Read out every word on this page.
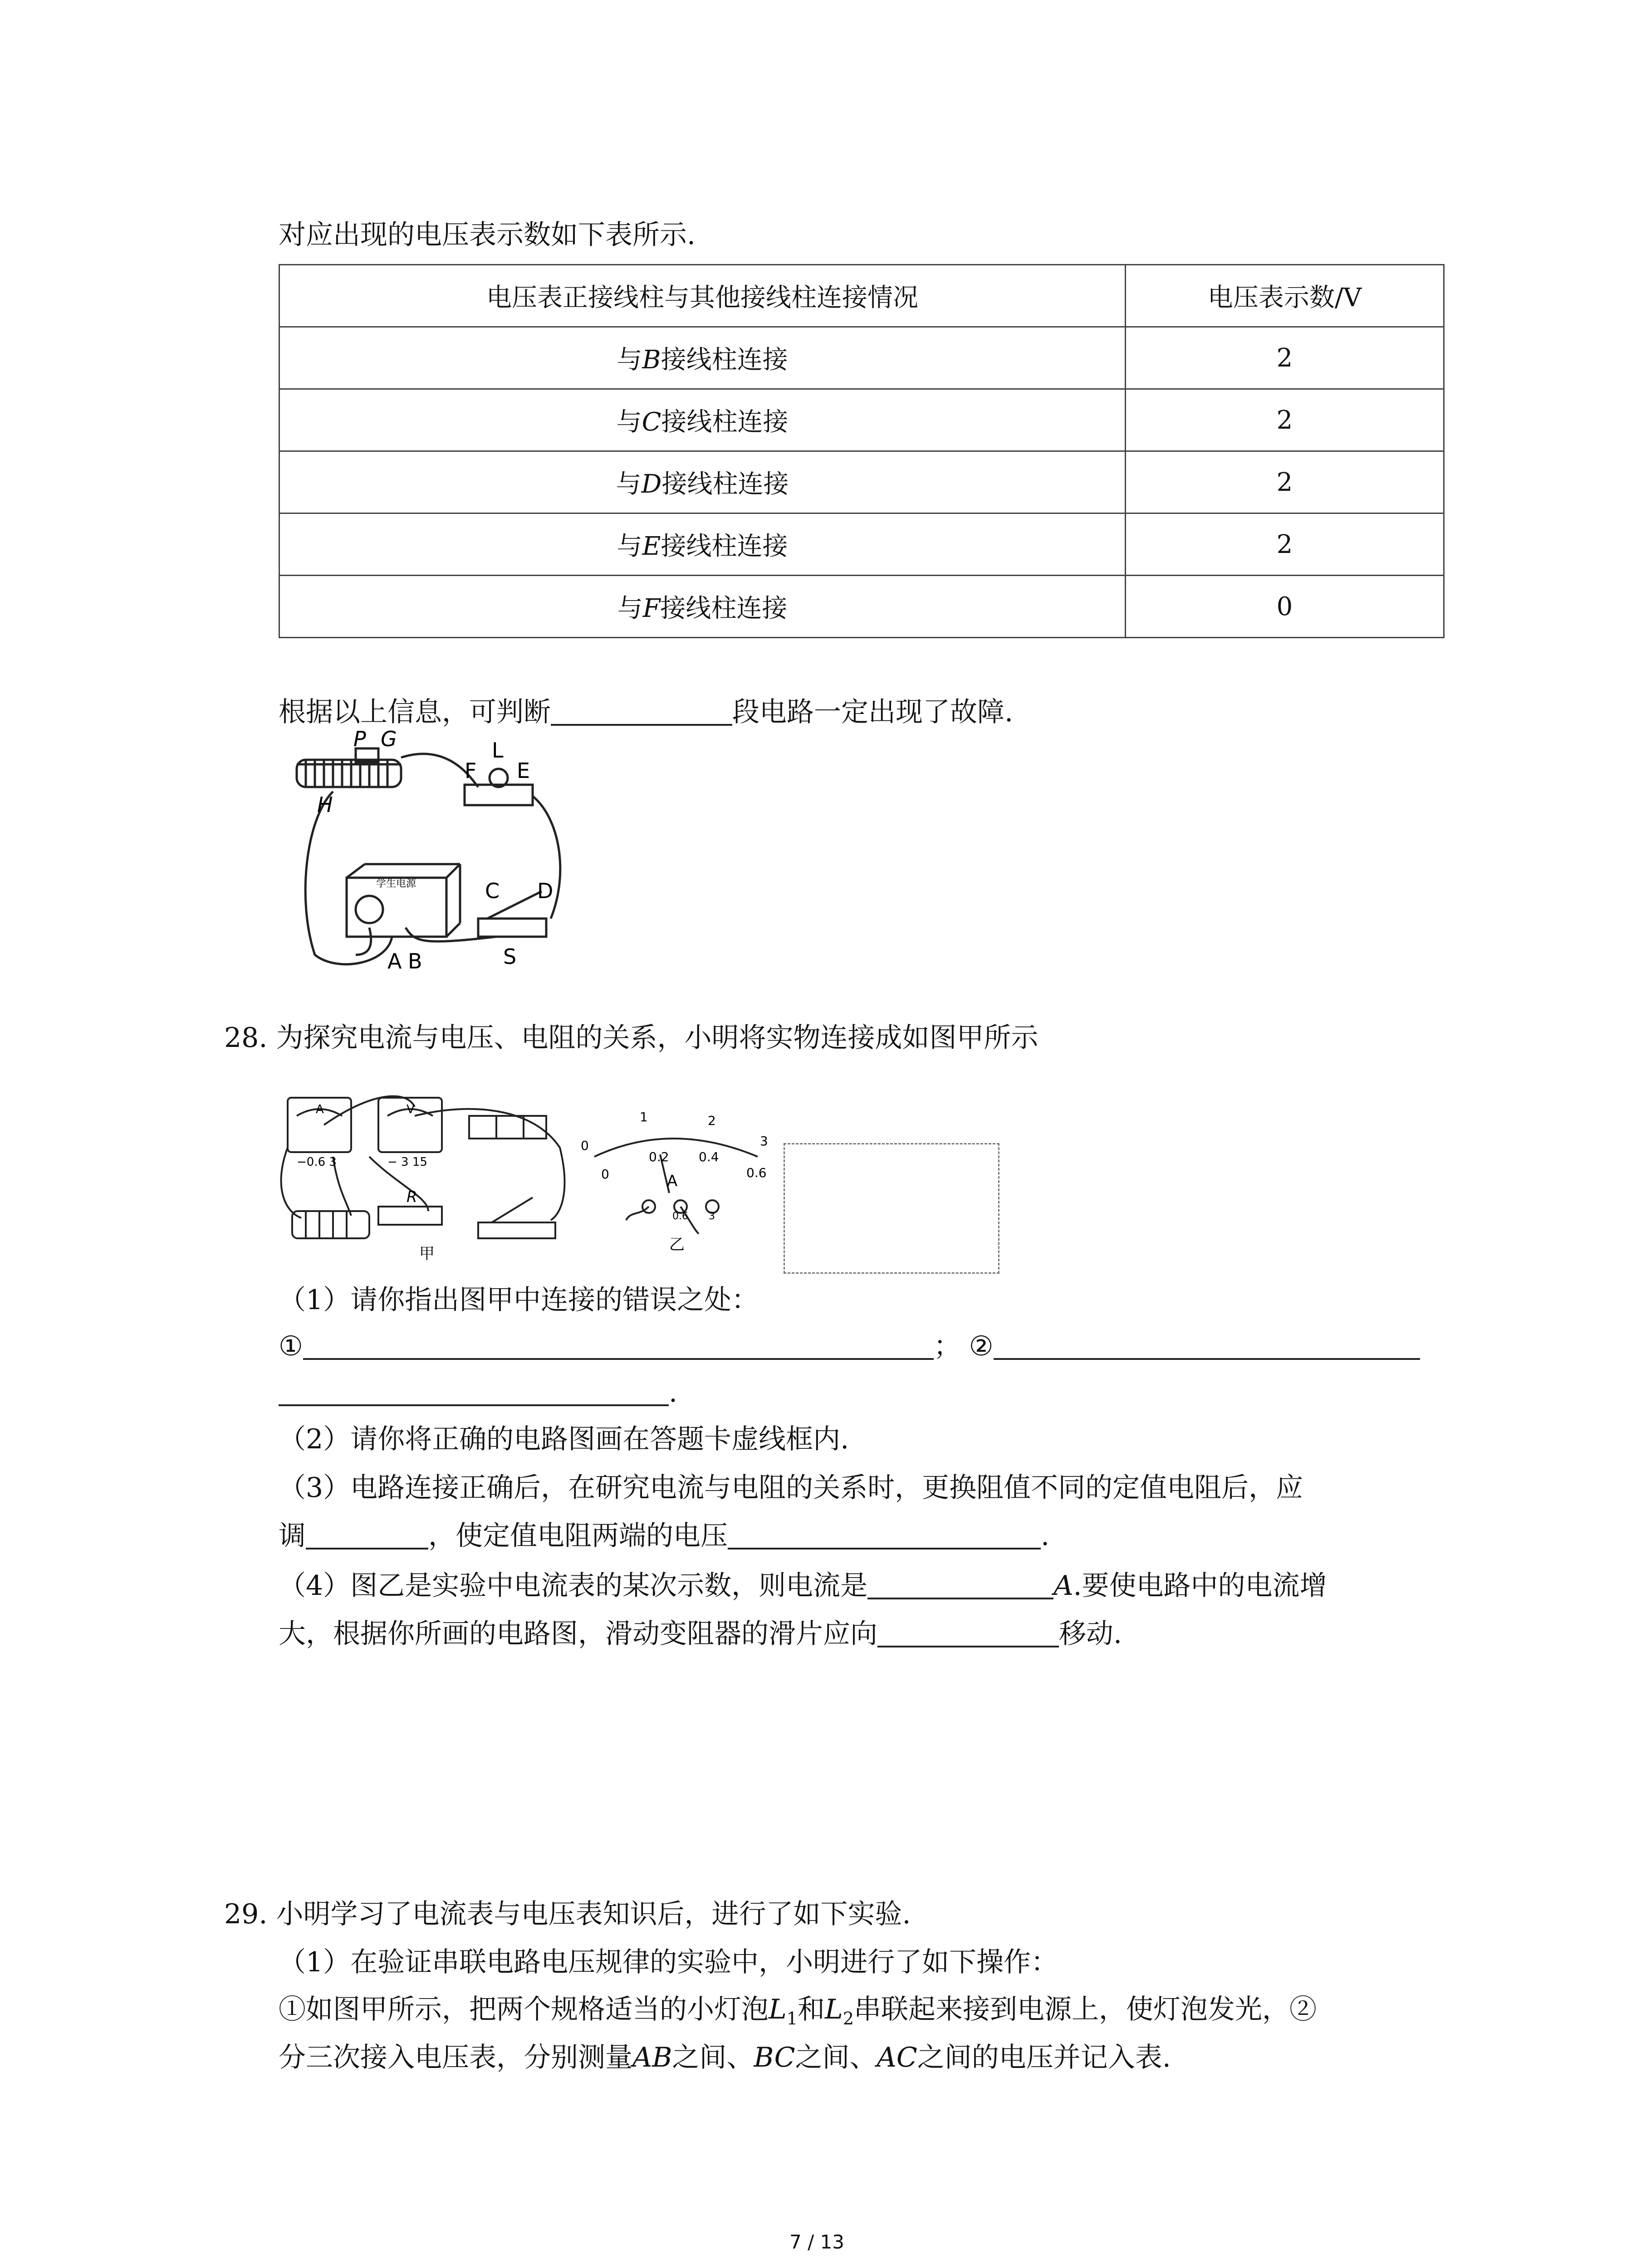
对应出现的电压表示数如下表所示.
电压表正接线柱与其他接线柱连接情况	电压表示数/V
与B接线柱连接	2
与C接线柱连接	2
与D接线柱连接	2
与E接线柱连接	2
与F接线柱连接	0
根据以上信息，可判断	段电路一定出现了故障.
P G
H
L
F E
C D
S
A B
学生电源
28. 为探究电流与电压、电阻的关系，小明将实物连接成如图甲所示
A	V
−0.6 3	− 3 15
R
甲
0
1	2
3
0
0.2 0.4
0.6
A
0.6 3
乙
（1）请你指出图甲中连接的错误之处：
①	； ②
.
（2）请你将正确的电路图画在答题卡虚线框内.
（3）电路连接正确后，在研究电流与电阻的关系时，更换阻值不同的定值电阻后，应
调	，使定值电阻两端的电压	.
（4）图乙是实验中电流表的某次示数，则电流是	A.要使电路中的电流增
大，根据你所画的电路图，滑动变阻器的滑片应向	移动.
29. 小明学习了电流表与电压表知识后，进行了如下实验.
（1）在验证串联电路电压规律的实验中，小明进行了如下操作：
①如图甲所示，把两个规格适当的小灯泡$L_1$和$L_2$串联起来接到电源上，使灯泡发光，②
分三次接入电压表，分别测量AB之间、BC之间、AC之间的电压并记入表.
7 / 13
